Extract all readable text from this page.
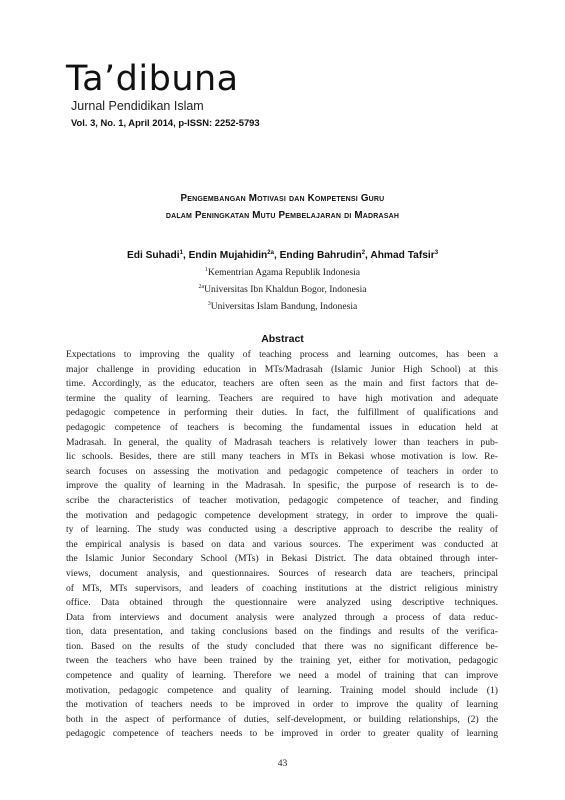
Ta’dibuna
Jurnal Pendidikan Islam
Vol. 3, No. 1, April 2014, p-ISSN: 2252-5793
Pengembangan Motivasi dan Kompetensi Guru
dalam Peningkatan Mutu Pembelajaran di Madrasah
Edi Suhadi$^1$, Endin Mujahidin$^{2a}$, Ending Bahrudin$^2$, Ahmad Tafsir$^3$
$^1$Kementrian Agama Republik Indonesia
$^{2a}$Universitas Ibn Khaldun Bogor, Indonesia
$^3$Universitas Islam Bandung, Indonesia
Abstract
Expectations to improving the quality of teaching process and learning outcomes, has been a
major challenge in providing education in MTs/Madrasah (Islamic Junior High School) at this
time. Accordingly, as the educator, teachers are often seen as the main and first factors that de-
termine the quality of learning. Teachers are required to have high motivation and adequate
pedagogic competence in performing their duties. In fact, the fulfillment of qualifications and
pedagogic competence of teachers is becoming the fundamental issues in education held at
Madrasah. In general, the quality of Madrasah teachers is relatively lower than teachers in pub-
lic schools. Besides, there are still many teachers in MTs in Bekasi whose motivation is low. Re-
search focuses on assessing the motivation and pedagogic competence of teachers in order to
improve the quality of learning in the Madrasah. In spesific, the purpose of research is to de-
scribe the characteristics of teacher motivation, pedagogic competence of teacher, and finding
the motivation and pedagogic competence development strategy, in order to improve the quali-
ty of learning. The study was conducted using a descriptive approach to describe the reality of
the empirical analysis is based on data and various sources. The experiment was conducted at
the Islamic Junior Secondary School (MTs) in Bekasi District. The data obtained through inter-
views, document analysis, and questionnaires. Sources of research data are teachers, principal
of MTs, MTs supervisors, and leaders of coaching institutions at the district religious ministry
office. Data obtained through the questionnaire were analyzed using descriptive techniques.
Data from interviews and document analysis were analyzed through a process of data reduc-
tion, data presentation, and taking conclusions based on the findings and results of the verifica-
tion. Based on the results of the study concluded that there was no significant difference be-
tween the teachers who have been trained by the training yet, either for motivation, pedagogic
competence and quality of learning. Therefore we need a model of training that can improve
motivation, pedagogic competence and quality of learning. Training model should include (1)
the motivation of teachers needs to be improved in order to improve the quality of learning
both in the aspect of performance of duties, self-development, or building relationships, (2) the
pedagogic competence of teachers needs to be improved in order to greater quality of learning
43
